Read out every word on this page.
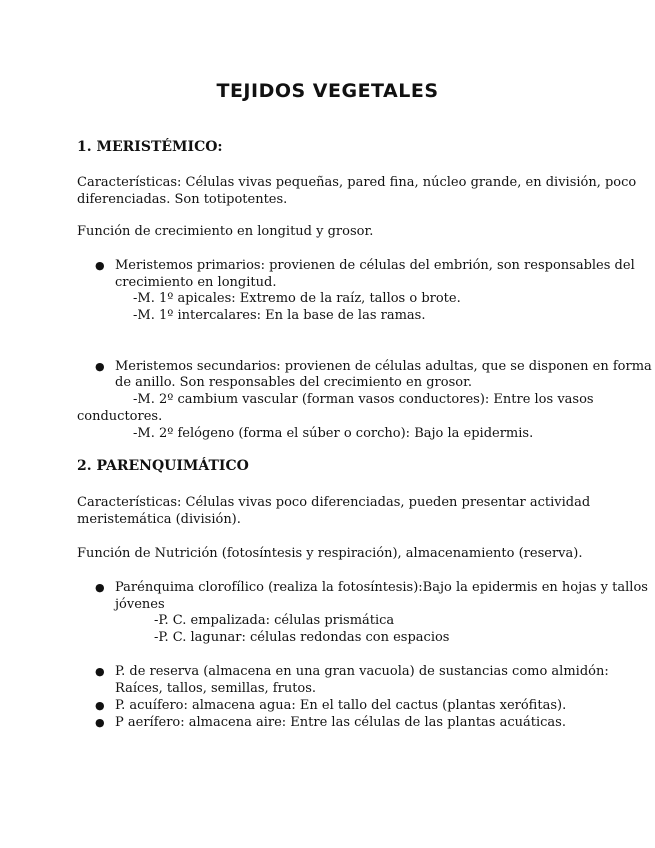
TEJIDOS VEGETALES
1. MERISTÉMICO:
Características: Células vivas pequeñas, pared fina, núcleo grande, en división, poco
diferenciadas. Son totipotentes.
Función de crecimiento en longitud y grosor.
● Meristemos primarios: provienen de células del embrión, son responsables del
crecimiento en longitud.
-M. 1º apicales: Extremo de la raíz, tallos o brote.
-M. 1º intercalares: En la base de las ramas.
● Meristemos secundarios: provienen de células adultas, que se disponen en forma
de anillo. Son responsables del crecimiento en grosor.
-M. 2º cambium vascular (forman vasos conductores): Entre los vasos
conductores.
-M. 2º felógeno (forma el súber o corcho): Bajo la epidermis.
2. PARENQUIMÁTICO
Características: Células vivas poco diferenciadas, pueden presentar actividad
meristemática (división).
Función de Nutrición (fotosíntesis y respiración), almacenamiento (reserva).
● Parénquima clorofílico (realiza la fotosíntesis):Bajo la epidermis en hojas y tallos
jóvenes
-P. C. empalizada: células prismática
-P. C. lagunar: células redondas con espacios
● P. de reserva (almacena en una gran vacuola) de sustancias como almidón:
Raíces, tallos, semillas, frutos.
● P. acuífero: almacena agua: En el tallo del cactus (plantas xerófitas).
● P aerífero: almacena aire: Entre las células de las plantas acuáticas.
